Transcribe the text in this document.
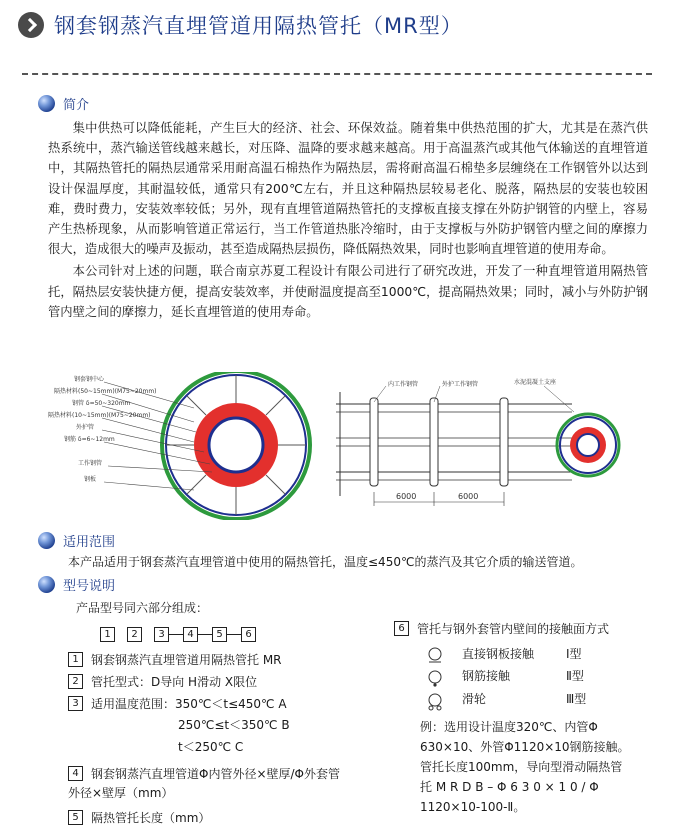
钢套钢蒸汽直埋管道用隔热管托（MR型）
简介

集中供热可以降低能耗，产生巨大的经济、社会、环保效益。随着集中供热范围的扩大，尤其是在蒸汽供热系统中，蒸汽输送管线越来越长，对压降、温降的要求越来越高。用于高温蒸汽或其他气体输送的直埋管道中，其隔热管托的隔热层通常采用耐高温石棉热作为隔热层，需将耐高温石棉垫多层缠绕在工作钢管外以达到设计保温厚度，其耐温较低，通常只有200℃左右，并且这种隔热层较易老化、脱落，隔热层的安装也较困难，费时费力，安装效率较低；另外，现有直埋管道隔热管托的支撑板直接支撑在外防护钢管的内壁上，容易产生热桥现象，从而影响管道正常运行，当工作管道热胀冷缩时，由于支撑板与外防护钢管内壁之间的摩擦力很大，造成很大的噪声及振动，甚至造成隔热层损伤，降低隔热效果，同时也影响直埋管道的使用寿命。

本公司针对上述的问题，联合南京苏夏工程设计有限公司进行了研究改进，开发了一种直埋管道用隔热管托，隔热层安装快捷方便，提高安装效率，并使耐温度提高至1000℃，提高隔热效果；同时，减小与外防护钢管内壁之间的摩擦力，延长直埋管道的使用寿命。

钢套钢中心
隔热材料(50~15mm)(M75~20mm)
钢管 δ=50~320mm
隔热材料(10~15mm)(M75~20mm)
外护管
钢筋 δ=6~12mm
工作钢管
钢板
6000	6000
内工作钢管	外护工作钢管	水泥混凝土支座
适用范围
本产品适用于钢套蒸汽直埋管道中使用的隔热管托，温度≤450℃的蒸汽及其它介质的输送管道。
型号说明
产品型号同六部分组成：
1	2	3	4	5	6
1	钢套钢蒸汽直埋管道用隔热管托 MR
2	管托型式：D导向 H滑动 X限位
3	适用温度范围：350℃＜t≤450℃ A
250℃≤t＜350℃ B
t＜250℃ C
4	钢套钢蒸汽直埋管道Φ内管外径×壁厚/Φ外套管
外径×壁厚（mm）
5	隔热管托长度（mm）
6	管托与钢外套管内壁间的接触面方式
直接钢板接触	Ⅰ型
钢筋接触	Ⅱ型
滑轮	Ⅲ型
例：选用设计温度320℃、内管Φ
630×10、外管Φ1120×10钢筋接触。
管托长度100mm，导向型滑动隔热管
托 M R D B – Φ 6 3 0 × 1 0 / Φ
1120×10-100-Ⅱ。
